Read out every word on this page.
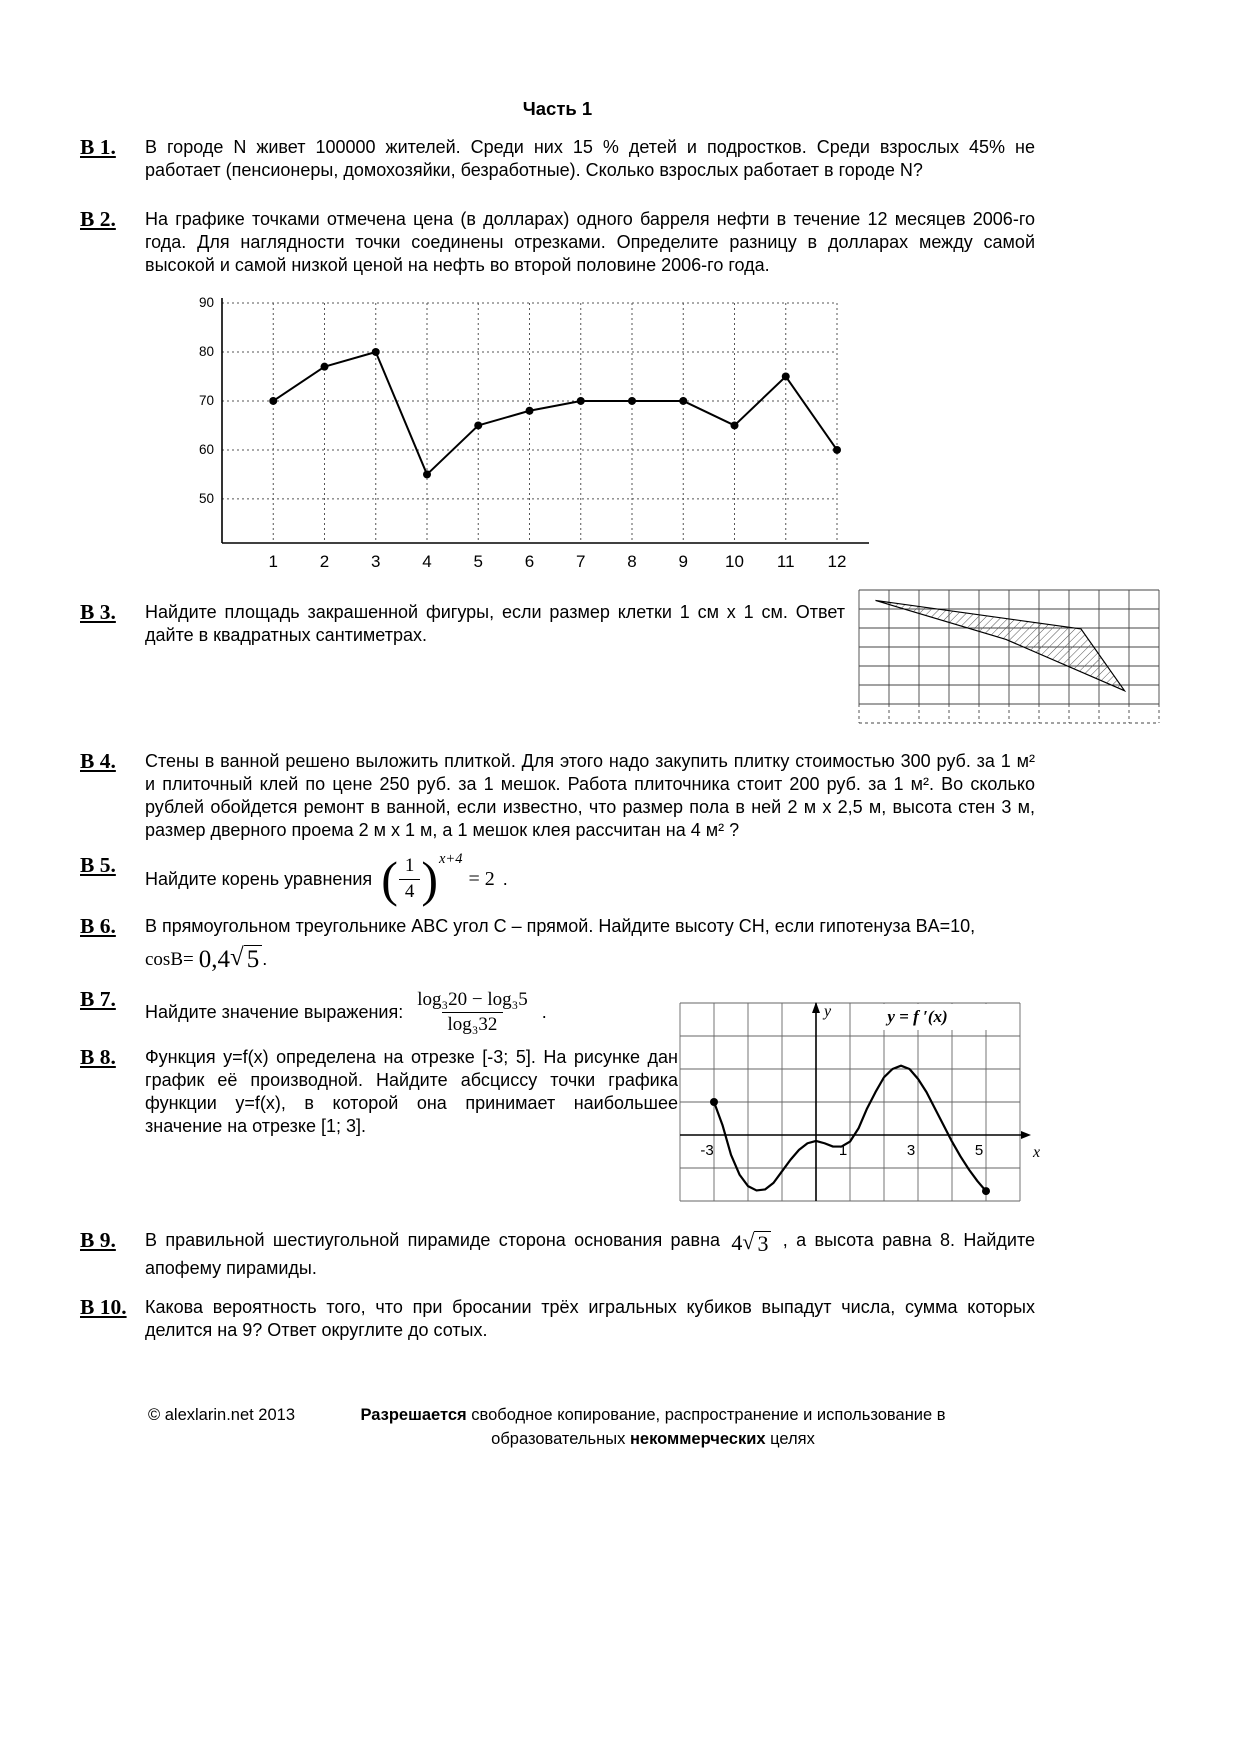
Часть 1
В 1.	В городе N живет 100000 жителей. Среди них 15 % детей и подростков. Среди взрослых 45% не работает (пенсионеры, домохозяйки, безработные). Сколько взрослых работает в городе N?
В 2.	На графике точками отмечена цена (в долларах) одного барреля нефти в течение 12 месяцев 2006-го года. Для наглядности точки соединены отрезками. Определите разницу в долларах между самой высокой и самой низкой ценой на нефть во второй половине 2006-го года.
50
60
70
80
90
1 2 3 4 5 6 7 8 9 10 11 12
В 3.	Найдите площадь закрашенной фигуры, если размер клетки 1 см х 1 см. Ответ дайте в квадратных сантиметрах.
В 4.	Стены в ванной решено выложить плиткой. Для этого надо закупить плитку стоимостью 300 руб. за 1 м² и плиточный клей по цене 250 руб. за 1 мешок. Работа плиточника стоит 200 руб. за 1 м². Во сколько рублей обойдется ремонт в ванной, если известно, что размер пола в ней 2 м х 2,5 м, высота стен 3 м, размер дверного проема 2 м х 1 м, а 1 мешок клея рассчитан на 4 м² ?
В 5.
Найдите корень уравнения ( $\frac{1}{4}$ ) x+4
= 2 .
В 6.	В прямоугольном треугольнике ABC угол C – прямой. Найдите высоту CH, если гипотенуза BA=10,
cosB= 0,4 √ 5 .
В 7.
Найдите значение выражения: $\frac{\text{log₃20 − log₃5}}{\text{log₃32}}$ .
В 8.	Функция y=f(x) определена на отрезке [-3; 5]. На рисунке дан график её производной. Найдите абсциссу точки графика функции y=f(x), в которой она принимает наибольшее значение на отрезке [1; 3].
-3	1	3	5
y
x
y = f ′(x)
В 9.	В правильной шестиугольной пирамиде сторона основания равна 4 √ 3 , а высота равна 8. Найдите апофему пирамиды.
В 10.	Какова вероятность того, что при бросании трёх игральных кубиков выпадут числа, сумма которых делится на 9? Ответ округлите до сотых.
© alexlarin.net 2013	Разрешается свободное копирование, распространение и использование в образовательных некоммерческих целях
